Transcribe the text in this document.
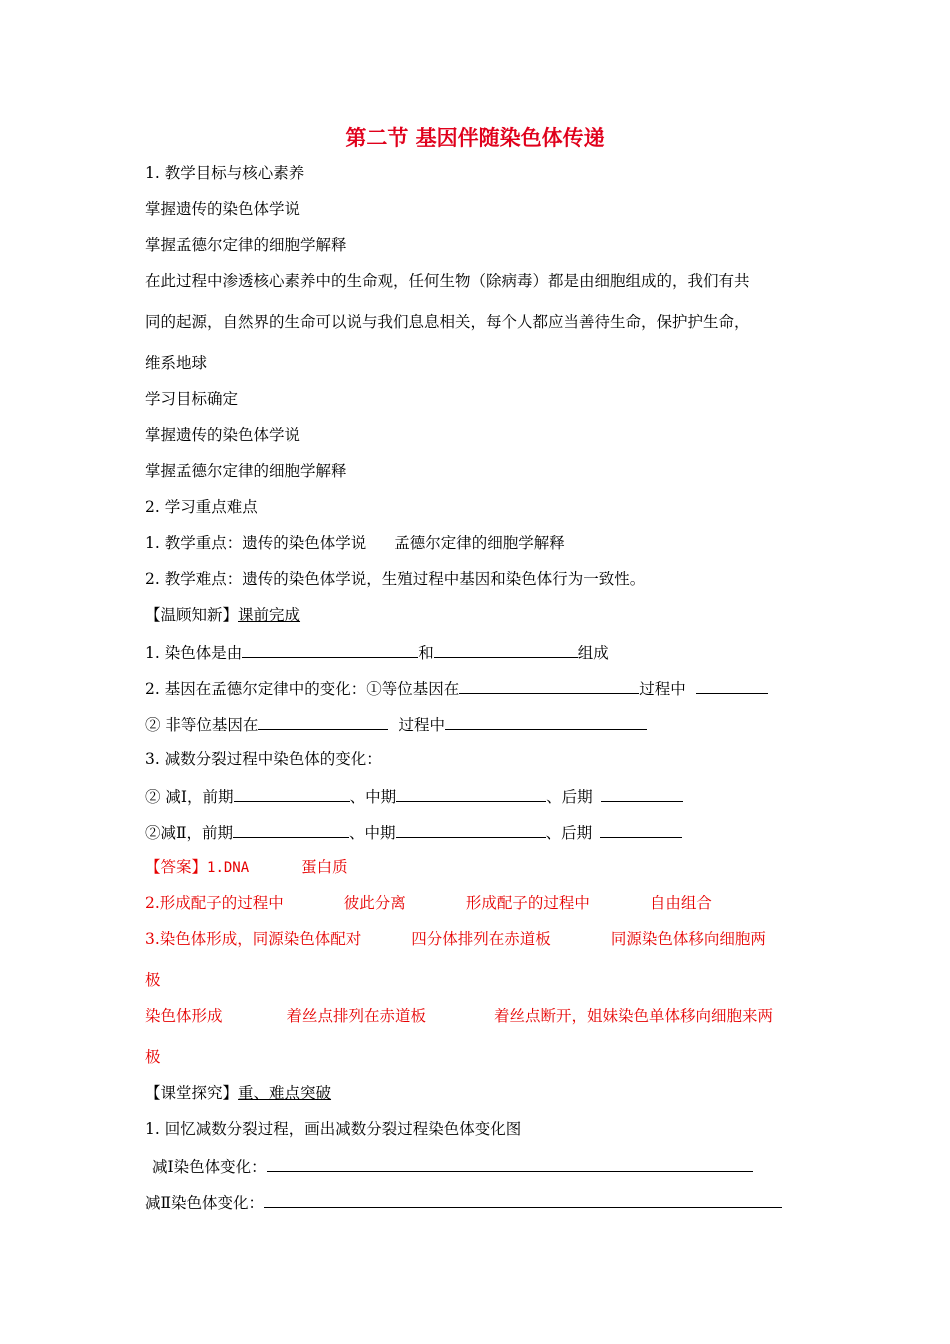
第二节 基因伴随染色体传递
1. 教学目标与核心素养
掌握遗传的染色体学说
掌握孟德尔定律的细胞学解释
在此过程中渗透核心素养中的生命观，任何生物（除病毒）都是由细胞组成的，我们有共
同的起源，自然界的生命可以说与我们息息相关，每个人都应当善待生命，保护护生命，
维系地球
学习目标确定
掌握遗传的染色体学说
掌握孟德尔定律的细胞学解释
2. 学习重点难点
1. 教学重点：遗传的染色体学说 孟德尔定律的细胞学解释
2. 教学难点：遗传的染色体学说，生殖过程中基因和染色体行为一致性。
【温顾知新】课前完成
1. 染色体是由	和	组成
2. 基因在孟德尔定律中的变化：①等位基因在	过程中
② 非等位基因在	过程中
3. 减数分裂过程中染色体的变化：
② 减Ⅰ，前期	、中期	、后期
②减Ⅱ，前期	、中期	、后期
【答案】1.DNA	蛋白质
2.形成配子的过程中	彼此分离	形成配子的过程中	自由组合
3.染色体形成，同源染色体配对	四分体排列在赤道板	同源染色体移向细胞两
极
染色体形成	着丝点排列在赤道板	着丝点断开，姐妹染色单体移向细胞来两
极
【课堂探究】重、难点突破
1. 回忆减数分裂过程，画出减数分裂过程染色体变化图
减Ⅰ染色体变化：
减Ⅱ染色体变化：
